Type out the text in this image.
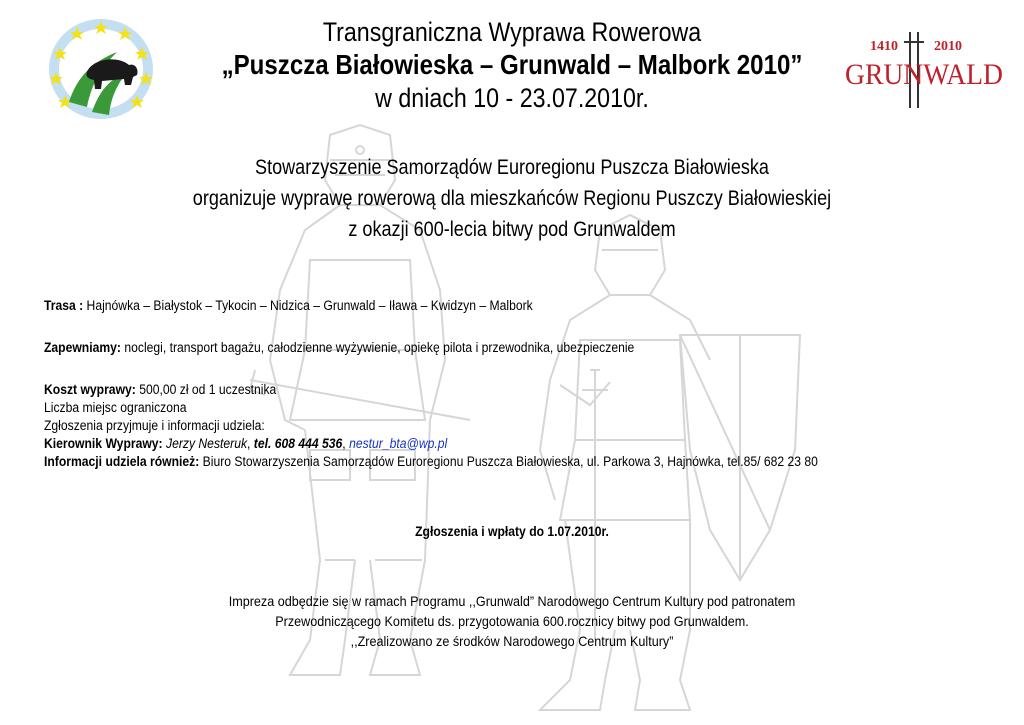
1410	2010
GRUNWALD
Transgraniczna Wyprawa Rowerowa
„Puszcza Białowieska – Grunwald – Malbork 2010”
w dniach 10 - 23.07.2010r.
Stowarzyszenie Samorządów Euroregionu Puszcza Białowieska
organizuje wyprawę rowerową dla mieszkańców Regionu Puszczy Białowieskiej
z okazji 600-lecia bitwy pod Grunwaldem
Trasa : Hajnówka – Białystok – Tykocin – Nidzica – Grunwald – Iława – Kwidzyn – Malbork
Zapewniamy: noclegi, transport bagażu, całodzienne wyżywienie, opiekę pilota i przewodnika, ubezpieczenie
Koszt wyprawy: 500,00 zł od 1 uczestnika
Liczba miejsc ograniczona
Zgłoszenia przyjmuje i informacji udziela:
Kierownik Wyprawy: Jerzy Nesteruk, tel. 608 444 536, nestur_bta@wp.pl
Informacji udziela również: Biuro Stowarzyszenia Samorządów Euroregionu Puszcza Białowieska, ul. Parkowa 3, Hajnówka, tel.85/ 682 23 80
Zgłoszenia i wpłaty do 1.07.2010r.
Impreza odbędzie się w ramach Programu ,,Grunwald” Narodowego Centrum Kultury pod patronatem
Przewodniczącego Komitetu ds. przygotowania 600.rocznicy bitwy pod Grunwaldem.
,,Zrealizowano ze środków Narodowego Centrum Kultury”
